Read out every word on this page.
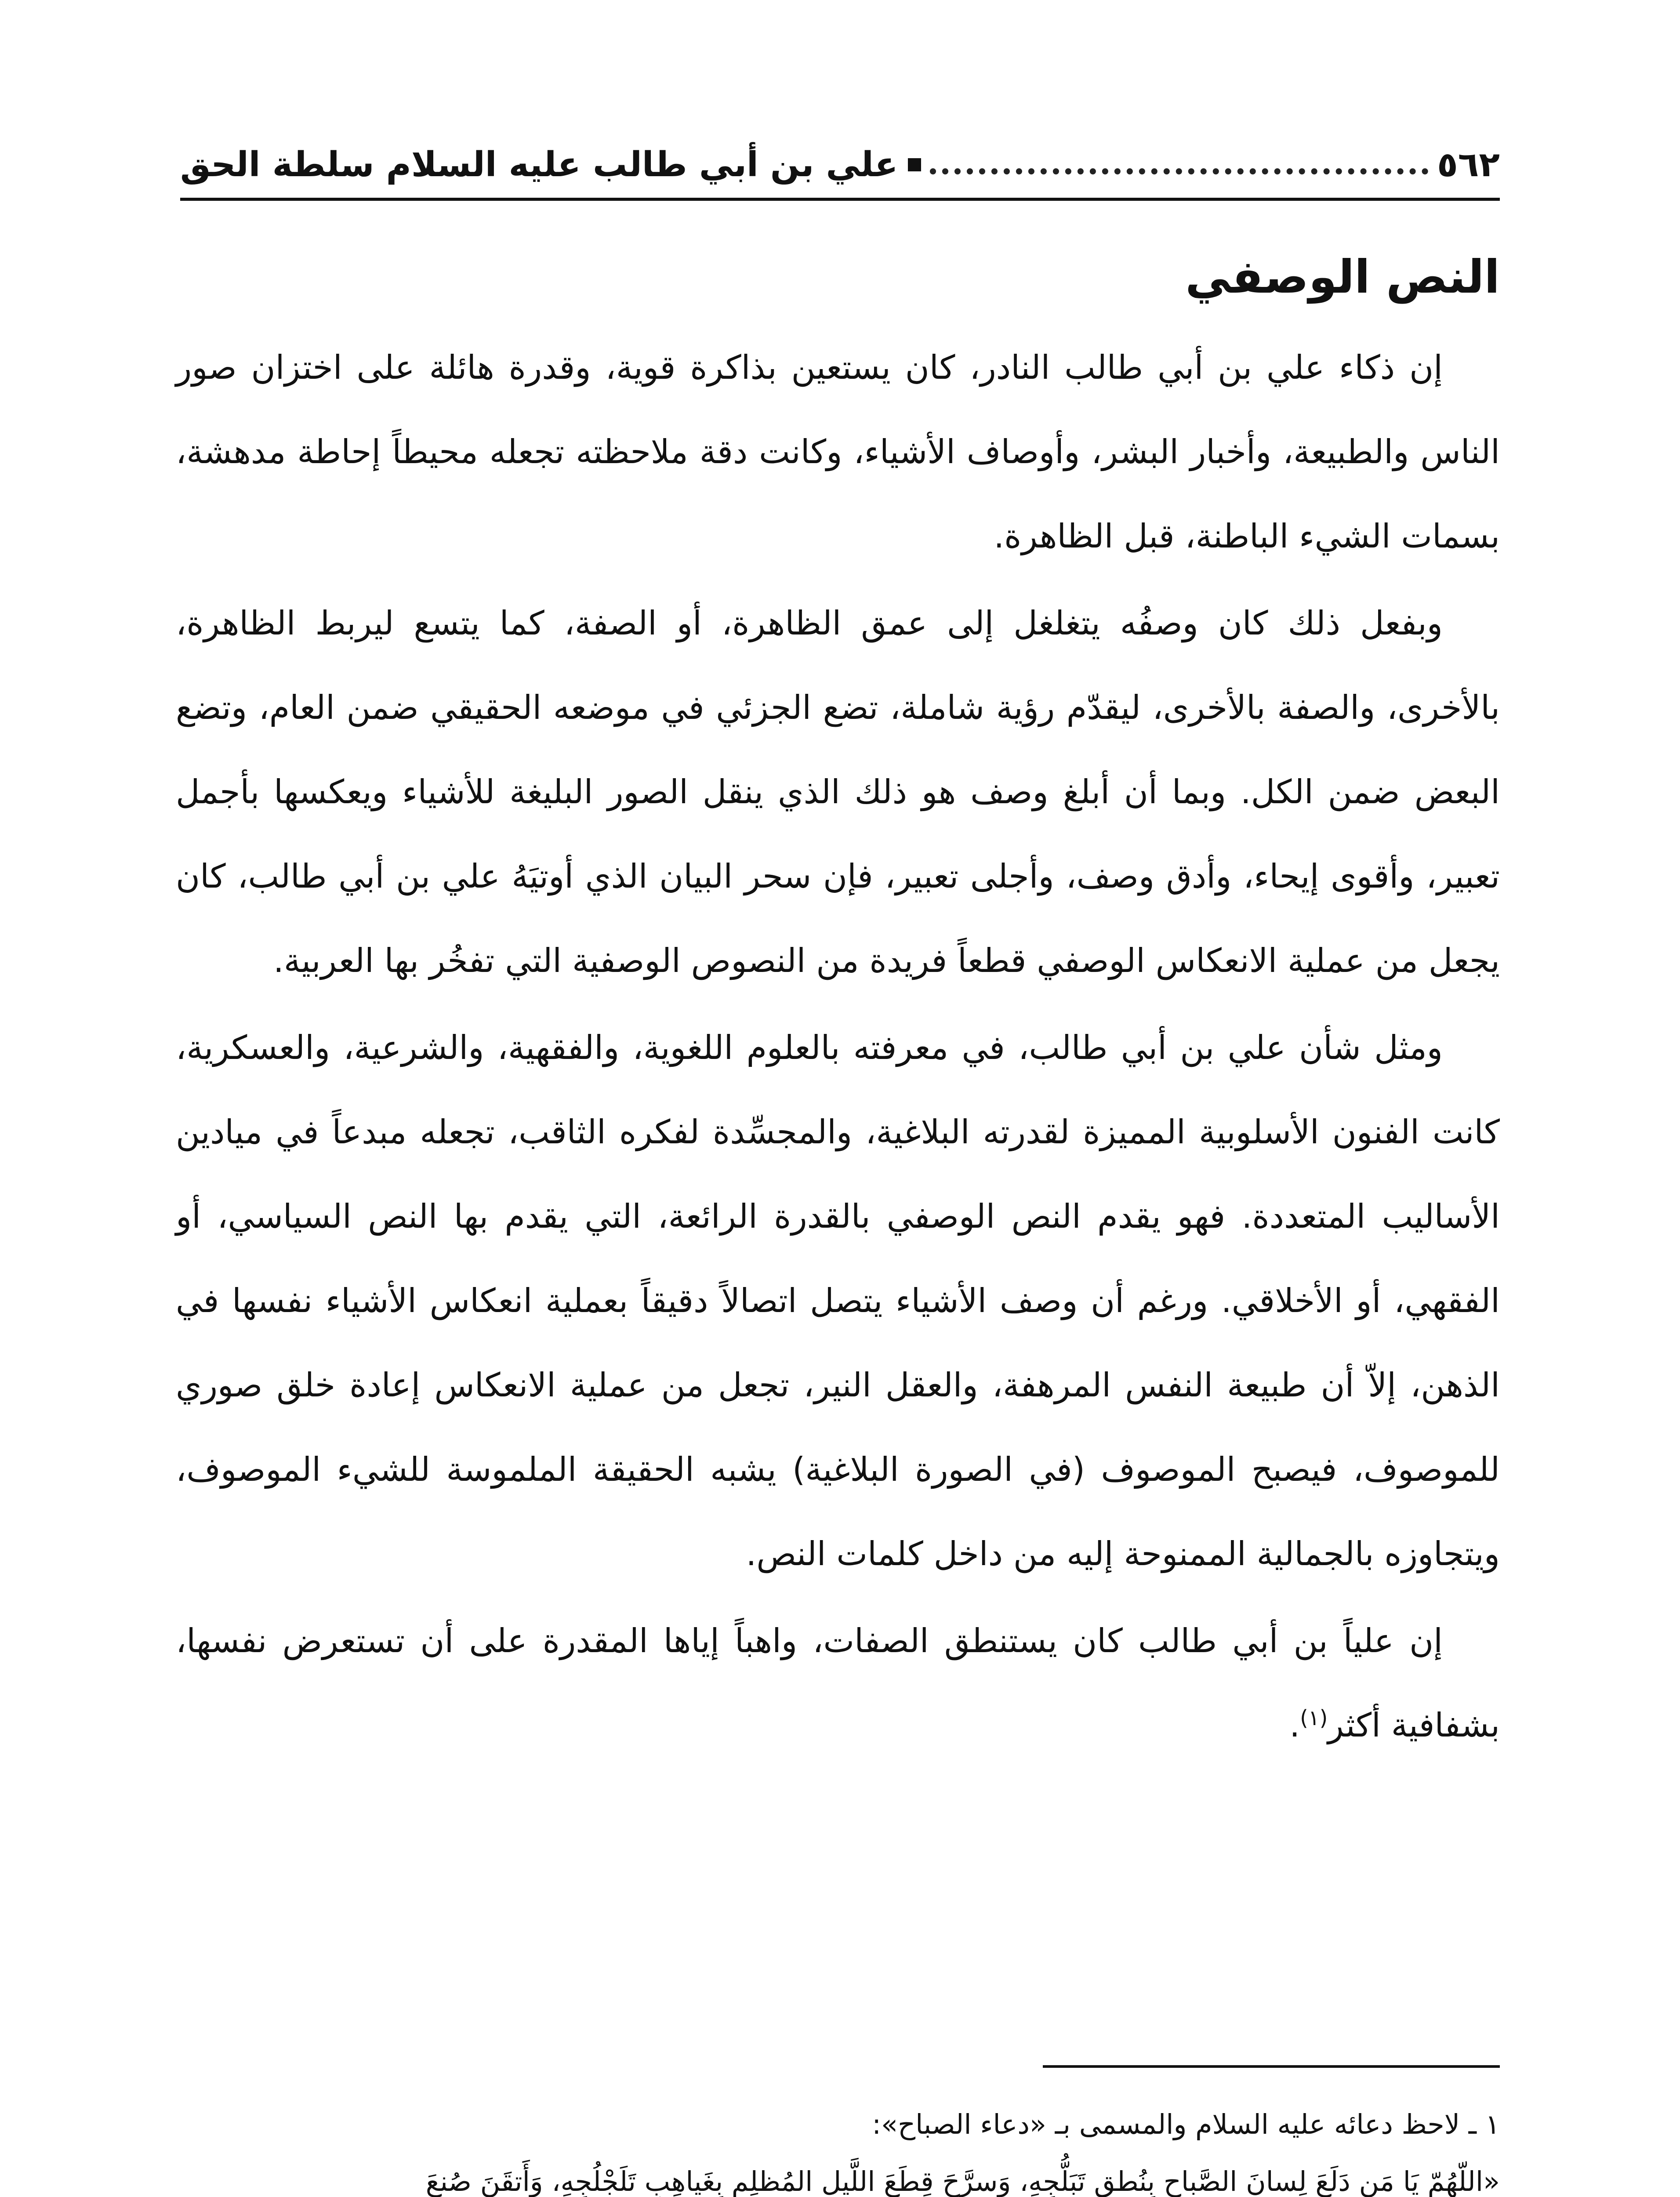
٥٦٢
علي بن أبي طالب عليه السلام سلطة الحق
النص الوصفي

إن ذكاء علي بن أبي طالب النادر، كان يستعين بذاكرة قوية، وقدرة هائلة على اختزان صور الناس والطبيعة، وأخبار البشر، وأوصاف الأشياء، وكانت دقة ملاحظته تجعله محيطاً إحاطة مدهشة، بسمات الشيء الباطنة، قبل الظاهرة.

وبفعل ذلك كان وصفُه يتغلغل إلى عمق الظاهرة، أو الصفة، كما يتسع ليربط الظاهرة، بالأخرى، والصفة بالأخرى، ليقدّم رؤية شاملة، تضع الجزئي في موضعه الحقيقي ضمن العام، وتضع البعض ضمن الكل. وبما أن أبلغ وصف هو ذلك الذي ينقل الصور البليغة للأشياء ويعكسها بأجمل تعبير، وأقوى إيحاء، وأدق وصف، وأجلى تعبير، فإن سحر البيان الذي أوتيَهُ علي بن أبي طالب، كان يجعل من عملية الانعكاس الوصفي قطعاً فريدة من النصوص الوصفية التي تفخُر بها العربية.

ومثل شأن علي بن أبي طالب، في معرفته بالعلوم اللغوية، والفقهية، والشرعية، والعسكرية، كانت الفنون الأسلوبية المميزة لقدرته البلاغية، والمجسِّدة لفكره الثاقب، تجعله مبدعاً في ميادين الأساليب المتعددة. فهو يقدم النص الوصفي بالقدرة الرائعة، التي يقدم بها النص السياسي، أو الفقهي، أو الأخلاقي. ورغم أن وصف الأشياء يتصل اتصالاً دقيقاً بعملية انعكاس الأشياء نفسها في الذهن، إلاّ أن طبيعة النفس المرهفة، والعقل النير، تجعل من عملية الانعكاس إعادة خلق صوري للموصوف، فيصبح الموصوف (في الصورة البلاغية) يشبه الحقيقة الملموسة للشيء الموصوف، ويتجاوزه بالجمالية الممنوحة إليه من داخل كلمات النص.

إن علياً بن أبي طالب كان يستنطق الصفات، واهباً إياها المقدرة على أن تستعرض نفسها، بشفافية أكثر$^{(١)}$.

١ ـ لاحظ دعائه عليه السلام والمسمى بـ «دعاء الصباح»:

«اللّهُمّ يَا مَن دَلَعَ لِسانَ الصَّباحِ بِنُطقِ تَبَلُّجِهِ، وَسرَّحَ قِطَعَ اللَّيلِ المُظلِمِ بِغَياهِبِ تَلَجْلُجِهِ، وَأَتقَنَ صُنعَ
